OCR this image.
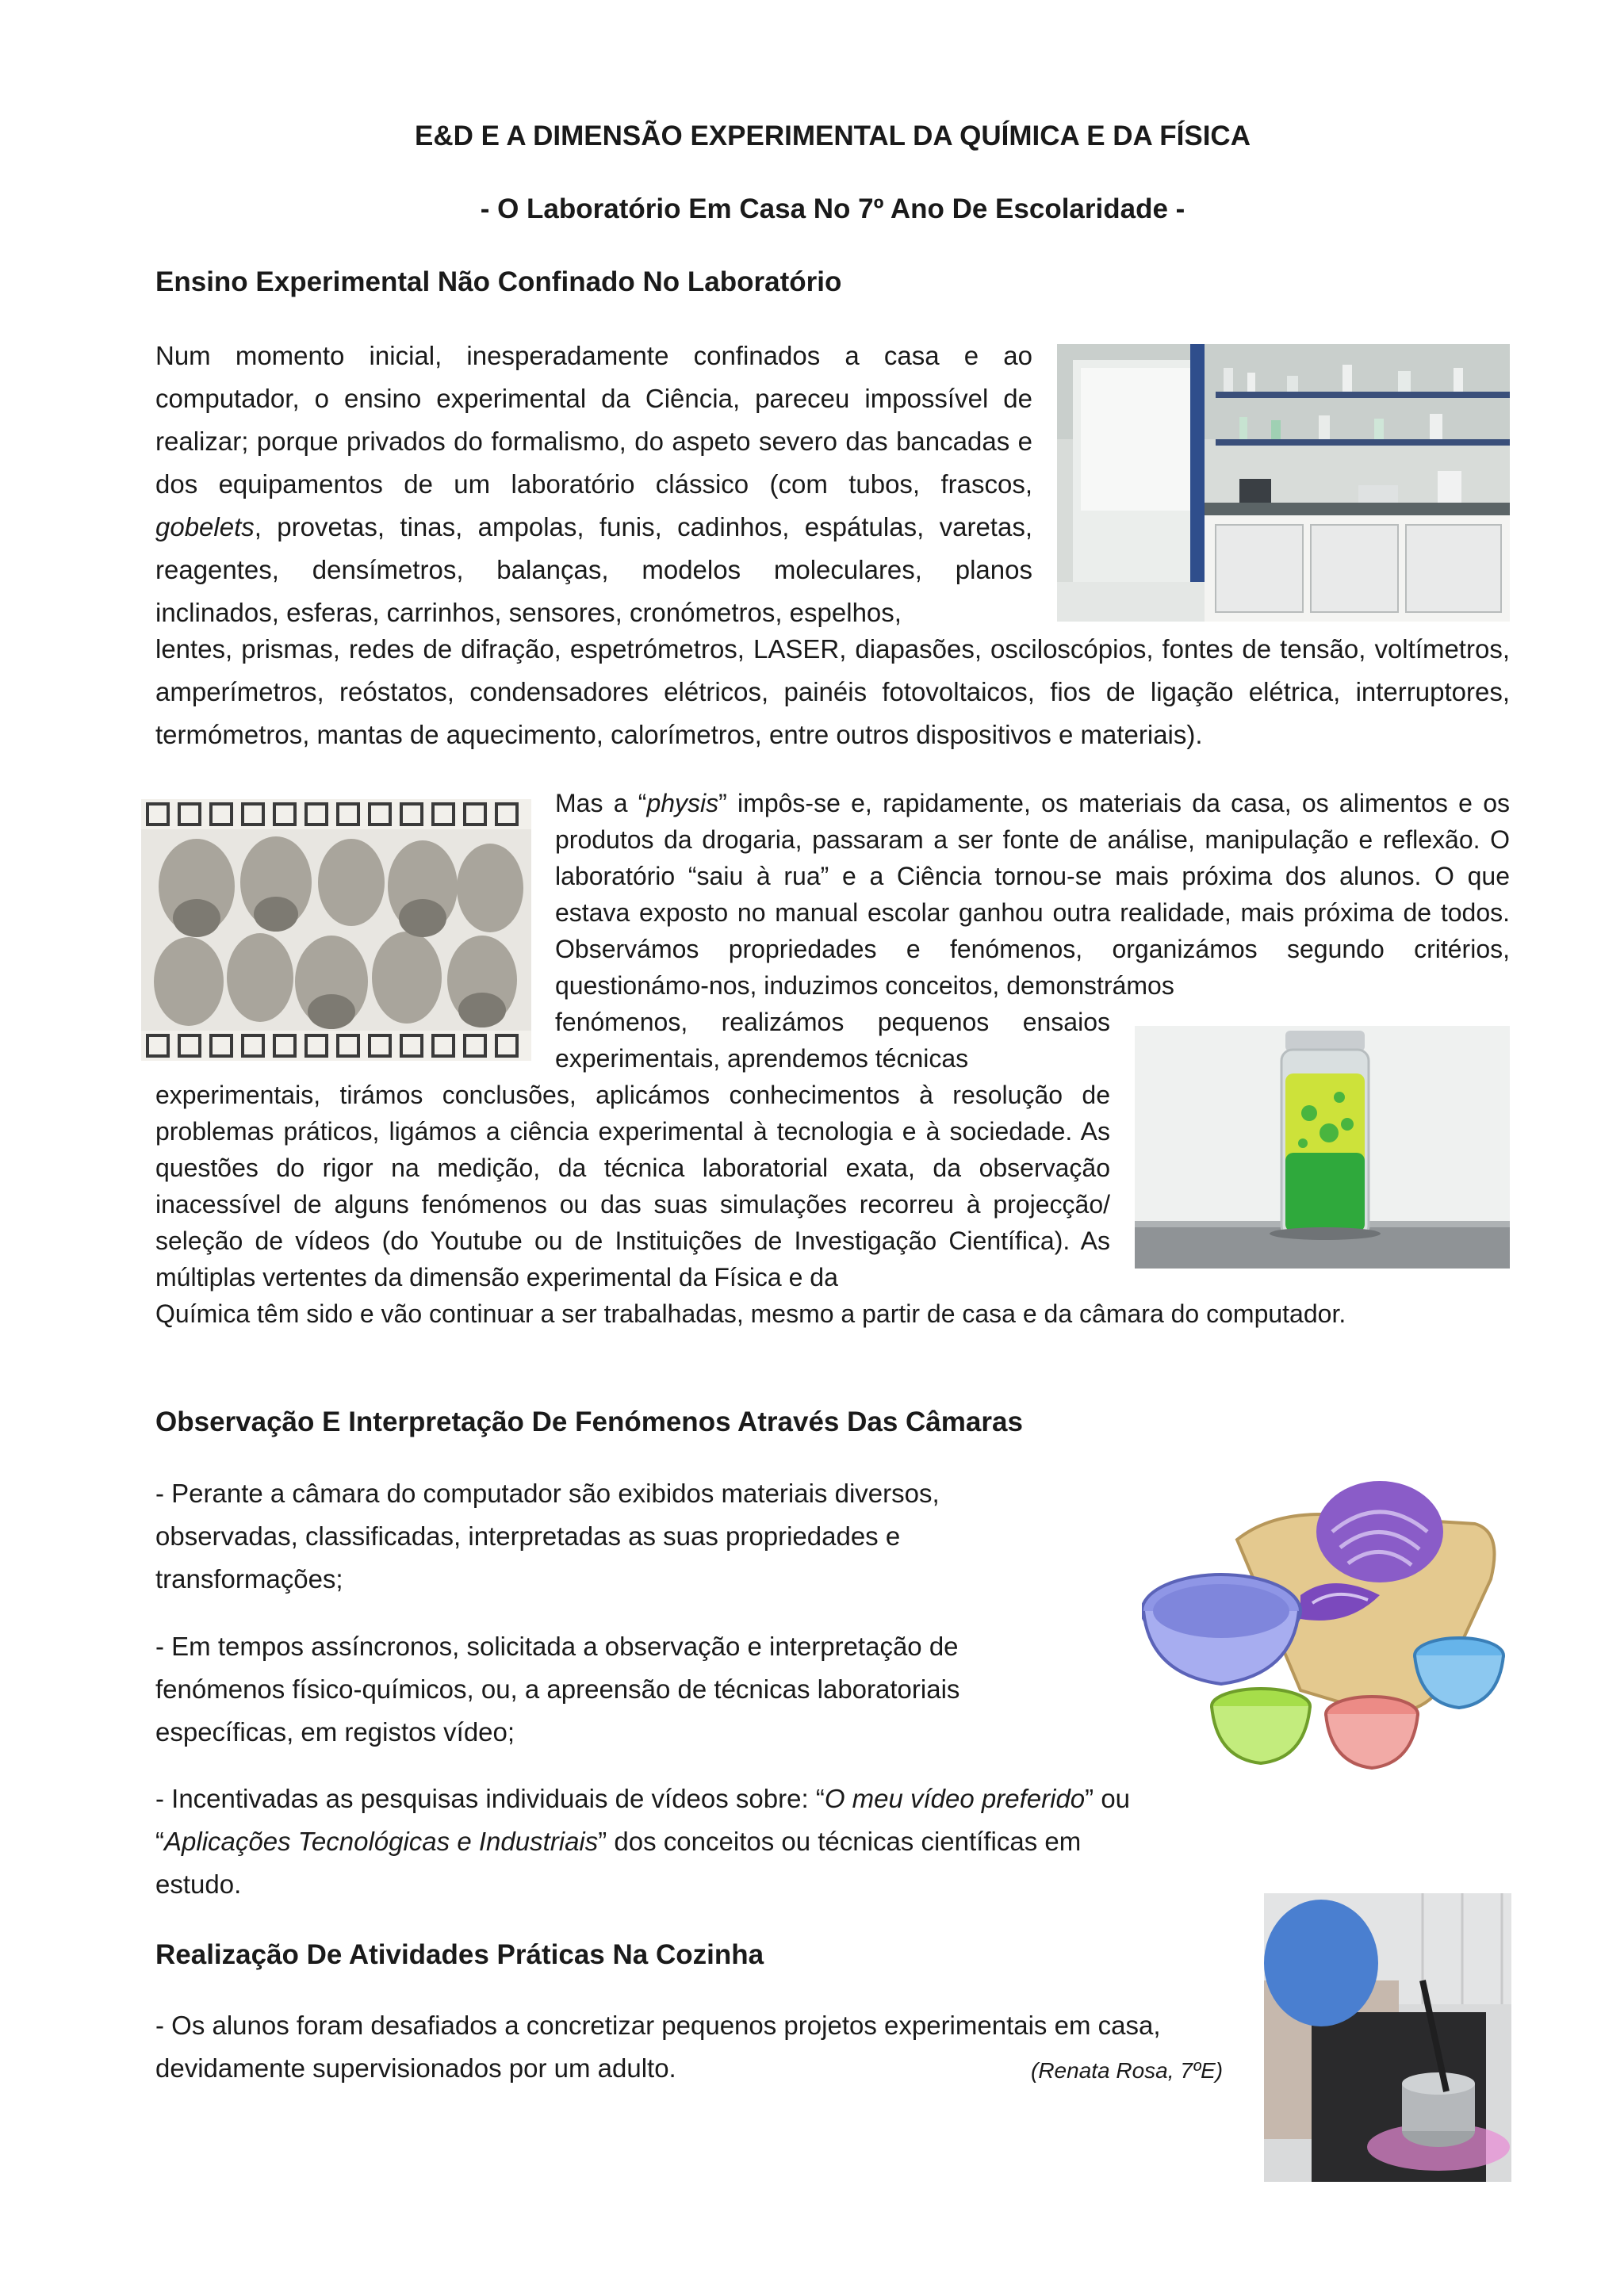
E&D E A DIMENSÃO EXPERIMENTAL DA QUÍMICA E DA FÍSICA
- O Laboratório Em Casa No 7º Ano De Escolaridade -
Ensino Experimental Não Confinado No Laboratório
Num momento inicial, inesperadamente confinados a casa e ao computador, o ensino experimental da Ciência, pareceu impossível de realizar; porque privados do formalismo, do aspeto severo das bancadas e dos equipamentos de um laboratório clássico (com tubos, frascos, gobelets, provetas, tinas, ampolas, funis, cadinhos, espátulas, varetas, reagentes, densímetros, balanças, modelos moleculares, planos inclinados, esferas, carrinhos, sensores, cronómetros, espelhos,
lentes, prismas, redes de difração, espetrómetros, LASER, diapasões, osciloscópios, fontes de tensão, voltímetros, amperímetros, reóstatos, condensadores elétricos, painéis fotovoltaicos, fios de ligação elétrica, interruptores, termómetros, mantas de aquecimento, calorímetros, entre outros dispositivos e materiais).
Mas a “physis” impôs-se e, rapidamente, os materiais da casa, os alimentos e os produtos da drogaria, passaram a ser fonte de análise, manipulação e reflexão. O laboratório “saiu à rua” e a Ciência tornou-se mais próxima dos alunos. O que estava exposto no manual escolar ganhou outra realidade, mais próxima de todos. Observámos propriedades e fenómenos, organizámos segundo critérios, questionámo-nos, induzimos conceitos, demonstrámos
fenómenos, realizámos pequenos ensaios experimentais, aprendemos técnicas
experimentais, tirámos conclusões, aplicámos conhecimentos à resolução de problemas práticos, ligámos a ciência experimental à tecnologia e à sociedade. As questões do rigor na medição, da técnica laboratorial exata, da observação inacessível de alguns fenómenos ou das suas simulações recorreu à projecção/ seleção de vídeos (do Youtube ou de Instituições de Investigação Científica). As múltiplas vertentes da dimensão experimental da Física e da
Química têm sido e vão continuar a ser trabalhadas, mesmo a partir de casa e da câmara do computador.
Observação E Interpretação De Fenómenos Através Das Câmaras
- Perante a câmara do computador são exibidos materiais diversos, observadas, classificadas, interpretadas as suas propriedades e transformações;
- Em tempos assíncronos, solicitada a observação e interpretação de fenómenos físico-químicos, ou, a apreensão de técnicas laboratoriais específicas, em registos vídeo;
- Incentivadas as pesquisas individuais de vídeos sobre: “O meu vídeo preferido” ou “Aplicações Tecnológicas e Industriais” dos conceitos ou técnicas científicas em estudo.
Realização De Atividades Práticas Na Cozinha
- Os alunos foram desafiados a concretizar pequenos projetos experimentais em casa, devidamente supervisionados por um adulto.	(Renata Rosa, 7ºE)
